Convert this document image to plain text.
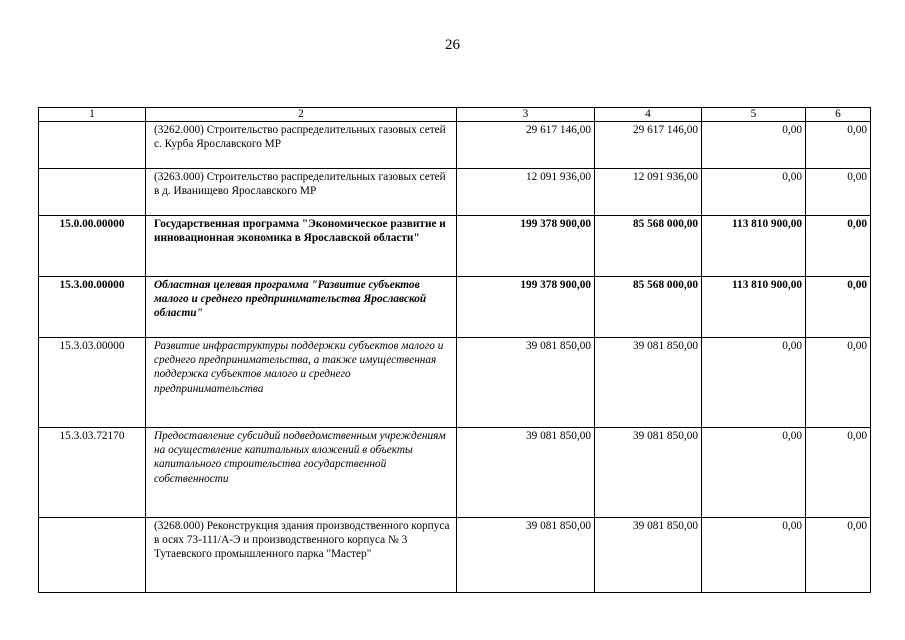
26
1	2	3	4	5	6
	(3262.000) Строительство распределительных газовых сетей с. Курба Ярославского МР	29 617 146,00	29 617 146,00	0,00	0,00
	(3263.000) Строительство распределительных газовых сетей в д. Иванищево Ярославского МР	12 091 936,00	12 091 936,00	0,00	0,00
15.0.00.00000	Государственная программа "Экономическое развитие и инновационная экономика в Ярославской области"	199 378 900,00	85 568 000,00	113 810 900,00	0,00
15.3.00.00000	Областная целевая программа "Развитие субъектов малого и среднего предпринимательства Ярославской области"	199 378 900,00	85 568 000,00	113 810 900,00	0,00
15.3.03.00000	Развитие инфраструктуры поддержки субъектов малого и среднего предпринимательства, а также имущественная поддержка субъектов малого и среднего предпринимательства	39 081 850,00	39 081 850,00	0,00	0,00
15.3.03.72170	Предоставление субсидий подведомственным учреждениям на осуществление капитальных вложений в объекты капитального строительства государственной собственности	39 081 850,00	39 081 850,00	0,00	0,00
	(3268.000) Реконструкция здания производственного корпуса в осях 73-111/А-Э и производственного корпуса № 3 Тутаевского промышленного парка "Мастер"	39 081 850,00	39 081 850,00	0,00	0,00
